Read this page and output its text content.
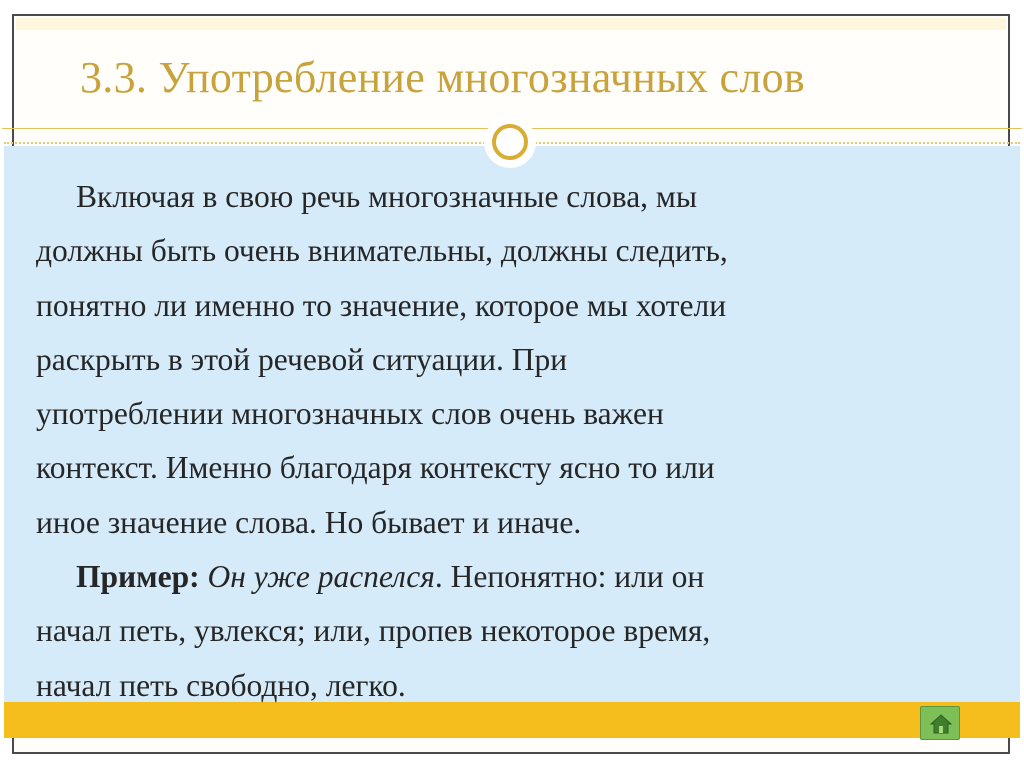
3.3. Употребление многозначных слов
Включая в свою речь многозначные слова, мы
должны быть очень внимательны, должны следить,
понятно ли именно то значение, которое мы хотели
раскрыть в этой речевой ситуации. При
употреблении многозначных слов очень важен
контекст. Именно благодаря контексту ясно то или
иное значение слова. Но бывает и иначе.
Пример: Он уже распелся. Непонятно: или он
начал петь, увлекся; или, пропев некоторое время,
начал петь свободно, легко.
